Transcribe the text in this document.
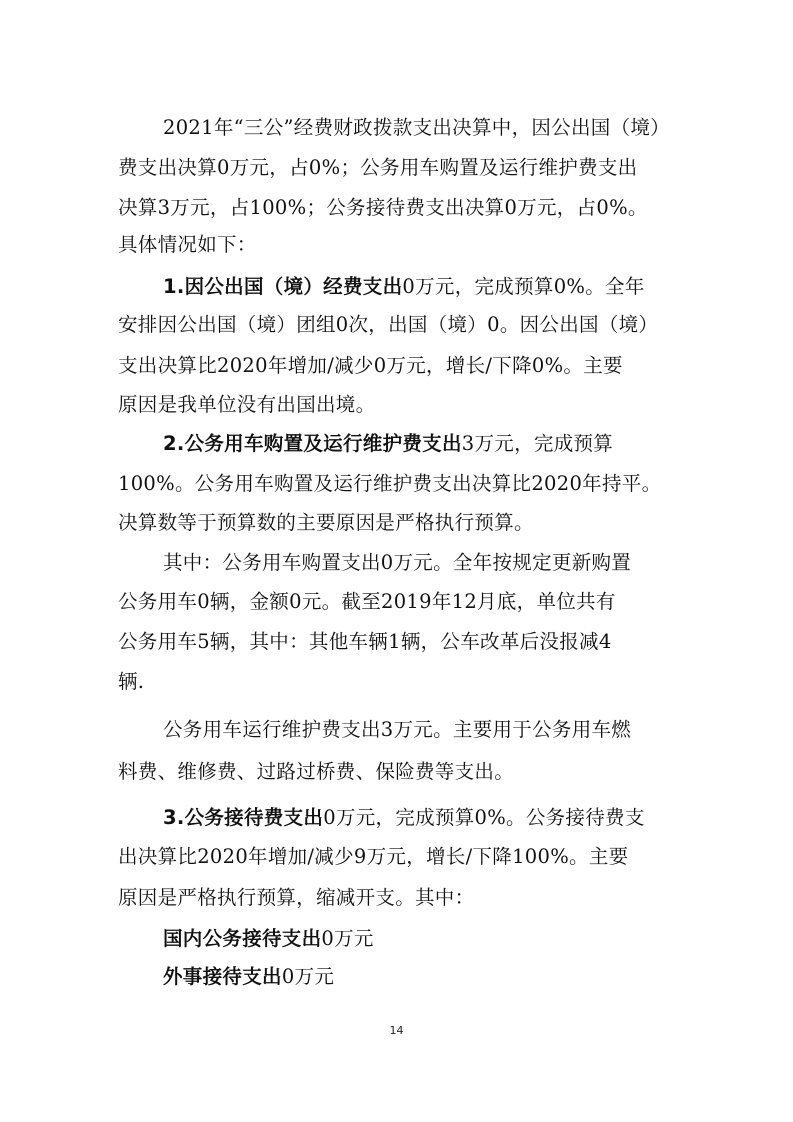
2021年“三公”经费财政拨款支出决算中，因公出国（境）
费支出决算0万元，占0%；公务用车购置及运行维护费支出
决算3万元，占100%；公务接待费支出决算0万元，占0%。
具体情况如下：
1.因公出国（境）经费支出0万元，完成预算0%。全年
安排因公出国（境）团组0次，出国（境）0。因公出国（境）
支出决算比2020年增加/减少0万元，增长/下降0%。主要
原因是我单位没有出国出境。
2.公务用车购置及运行维护费支出3万元，完成预算
100%。公务用车购置及运行维护费支出决算比2020年持平。
决算数等于预算数的主要原因是严格执行预算。
其中：公务用车购置支出0万元。全年按规定更新购置
公务用车0辆，金额0元。截至2019年12月底，单位共有
公务用车5辆，其中：其他车辆1辆，公车改革后没报减4
辆.
公务用车运行维护费支出3万元。主要用于公务用车燃
料费、维修费、过路过桥费、保险费等支出。
3.公务接待费支出0万元，完成预算0%。公务接待费支
出决算比2020年增加/减少9万元，增长/下降100%。主要
原因是严格执行预算，缩减开支。其中：
国内公务接待支出0万元
外事接待支出0万元
14
